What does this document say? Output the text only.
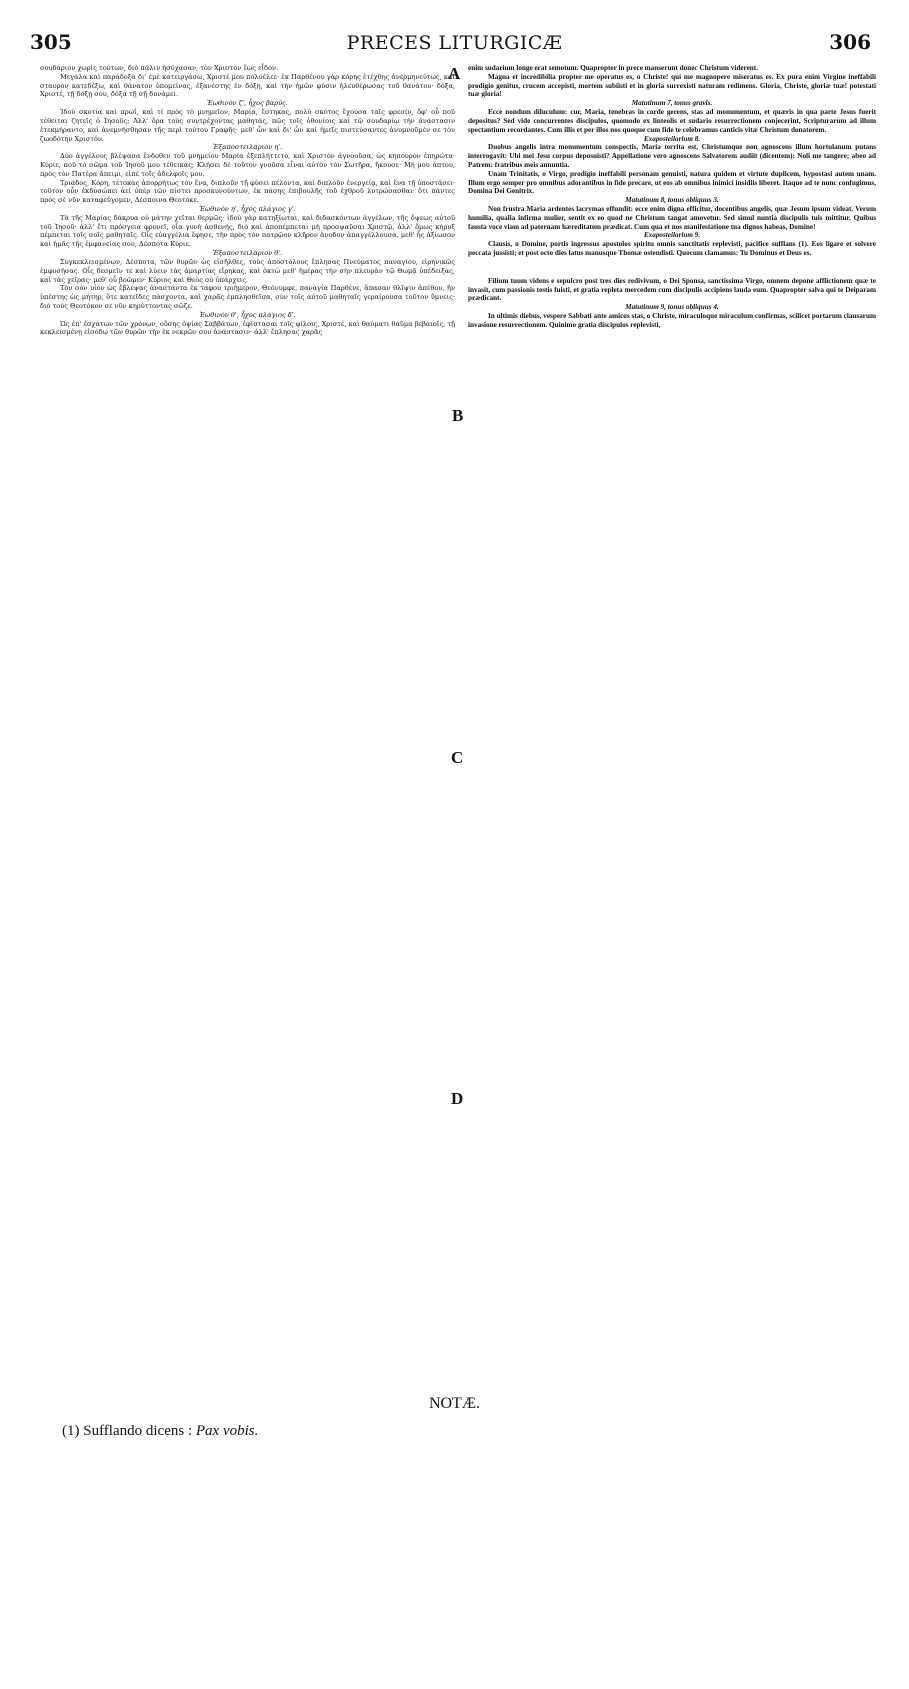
305	PRECES LITURGICÆ	306

σουδάριον χωρὶς τούτων, διὸ πάλιν ἡσύχασαν, τὸν Χριστὸν ἕως εἶδον.

Μεγάλα καὶ παράδοξα δι' ἐμὲ κατειργάσω, Χριστέ μου πολυέλεε· ἐκ Παρθένου γὰρ κόρης ἐτέχθης ἀνερμηνεύτως, καὶ σταυρὸν κατεδέξω, καὶ θάνατον ὑπομείνας, ἐξανέστης ἐν δόξῃ, καὶ τὴν ἡμῶν φύσιν ἠλευθέρωσας τοῦ θανάτου· δόξα, Χριστέ, τῇ δόξῃ σου, δόξα τῇ σῇ δυνάμει.

Ἑωθινὸν ζ', ἦχος βαρύς.

Ἰδοὺ σκοτία καὶ πρωΐ, καὶ τί πρὸς τὸ μνημεῖον, Μαρία, ἕστηκας, πολὺ σκότος ἔχουσα ταῖς φρεσίν, ὅφ' οὗ ποῦ τέθειται ζητεῖς ὁ Ἰησοῦς; Ἀλλ' ὅρα τοὺς συντρέχοντας μαθητάς, πῶς τοῖς ὀθονίοις καὶ τῷ σουδαρίῳ τὴν ἀνάστασιν ἐτεκμήραντο, καὶ ἀνεμνήσθησαν τῆς περὶ τούτου Γραφῆς· μεθ' ὧν καὶ δι' ὧν καὶ ἡμεῖς πιστεύσαντες ἀνυμνοῦμέν σε τὸν ζωοδότην Χριστόν.

Ἐξαποστειλάριον η'.

Δύο ἀγγέλους βλέψασα ἔνδοθεν τοῦ μνημείου Μαρία ἐξεπλήττετο, καὶ Χριστὸν ἀγνοοῦσα, ὡς κηπουρὸν ἐπηρώτα· Κύριε, ποῦ τὸ σῶμα τοῦ Ἰησοῦ μου τέθεικας; Κλήσει δὲ τοῦτον γνοῦσα εἶναι αὐτὸν τὸν Σωτῆρα, ἤκουσε· Μή μου ἅπτου, πρὸς τὸν Πατέρα ἄπειμι, εἰπὲ τοῖς ἀδελφοῖς μου.

Τριάδος, Κόρη, τέτοκας ἀπορρήτως τὸν ἕνα, διπλοῦν τῇ φύσει πέλοντα, καὶ διπλοῦν ἐνεργείᾳ, καὶ ἕνα τῇ ὑποστάσει· τοῦτον οὖν ἐκδυσώπει ἀεὶ ὑπὲρ τῶν πίστει προσκυνούντων, ἐκ πάσης ἐπιβουλῆς τοῦ ἐχθροῦ λυτρώσασθαι· ὅτι πάντες πρὸς σὲ νῦν καταφεύγομεν, Δέσποινα Θεοτόκε.

Ἑωθινὸν η', ἦχος πλάγιος γ'.

Τὰ τῆς Μαρίας δάκρυα οὐ μάτην χεῖται θερμῶς· ἰδοὺ γὰρ κατηξίωται, καὶ διδασκόντων ἀγγέλων, τῆς ὄψεως αὐτοῦ τοῦ Ἰησοῦ· ἀλλ' ἔτι πρόσγεια φρονεῖ, οἷα γυνὴ ἀσθενής, διὸ καὶ ἀποπέμπεται μὴ προσψαῦσαι Χριστῷ, ἀλλ' ὅμως κήρυξ πέμπεται τοῖς σοῖς μαθηταῖς. Οἷς εὐαγγέλια ἔφησε, τὴν πρὸς τὸν πατρῷον κλῆρον ἄνοδον ἀπαγγέλλουσα, μεθ' ἧς ἀξίωσον καὶ ἡμᾶς τῆς ἐμφανείας σου, Δέσποτα Κύριε.

Ἐξαποστειλάριον θ'.

Συγκεκλεισμένων, Δέσποτα, τῶν θυρῶν ὡς εἰσῆλθες, τοὺς ἀποστόλους ἔπλησας Πνεύματος παναγίου, εἰρηνικῶς ἐμφυσήσας. Οἷς δεσμεῖν τε καὶ λύειν τὰς ἁμαρτίας εἴρηκας, καὶ ὀκτὼ μεθ' ἡμέρας τὴν σὴν πλευρὰν τῷ Θωμᾷ ὑπέδειξας, καὶ τὰς χεῖρας· μεθ' οὗ βοῶμεν· Κύριος καὶ Θεὸς σὺ ὑπάρχεις.

Τὸν σὸν υἱὸν ὡς ἔβλεψας ἀναστάντα ἐκ τάφου τριήμερον, Θεόνυμφε, παναγία Παρθένε, ἅπασαν θλῖψιν ἀπέθου, ἣν ὑπέστης ὡς μήτηρ, ὅτε κατεῖδες πάσχοντα, καὶ χαρᾶς ἐμπλησθεῖσα, σὺν τοῖς αὐτοῦ μαθηταῖς γεραίρουσα τοῦτον ὕμνεις· διὸ τοὺς Θεοτόκον σε νῦν κηρύττοντας σῶζε.

Ἑωθινὸν θ', ἦχος πλάγιος δ'.

Ὡς ἐπ' ἐσχάτων τῶν χρόνων, οὔσης ὀψίας Σαββάτων, ἐφίστασαι τοῖς φίλοις, Χριστέ, καὶ θαύματι θαῦμα βεβαιοῖς, τῇ κεκλεισμένῃ εἰσόδῳ τῶν θυρῶν τὴν ἐκ νεκρῶν σου ἀνάστασιν· ἀλλ' ἔπλησας χαρᾶς

enim sudarium longe erat semotum. Quapropter in prece manserunt donec Christum viderent.

Magna et incredibilia propter me operatus es, o Christe! qui me magnopere miseratus es. Ex pura enim Virgine ineffabili prodigio genitus, crucem accepisti, mortem subiisti et in gloria surrexisti naturam redimens. Gloria, Christe, gloriæ tuæ! potestati tuæ gloria!

Matutinum 7, tonus gravis.

Ecce nondum diluculum: cur, Maria, tenebras in corde gerens, stas ad monumentum, et quæris in qua parte Jesus fuerit depositus? Sed vide concurrentes discipulos, quomodo ex linteolis et sudario resurrectionem conjecerint, Scripturarum ad illum spectantium recordantes. Cum illis et per illos nos quoque cum fide te celebramus canticis vitæ Christum donatorem.

Exaposteilarium 8.

Duobus angelis intra monumentum conspectis, Maria territa est, Christumque non agnoscens illum hortulanum putans interrogavit: Ubi mei Jesu corpus deposuisti? Appellatione vero agnoscens Salvatorem audiit (dicentem): Noli me tangere; abeo ad Patrem: fratribus meis annuntia.

Unam Trinitatis, o Virgo, prodigio ineffabili personam genuisti, natura quidem et virtute duplicem, hypostasi autem unam. Illum ergo semper pro omnibus adorantibus in fide precare, ut eos ab omnibus inimici insidiis liberet. Itaque ad te nunc confugimus, Domina Dei Genitrix.

Matutinum 8, tonus obliquus 3.

Non frustra Maria ardentes lacrymas effundit: ecce enim digna efficitur, docentibus angelis, quæ Jesum ipsum videat. Verum humilia, qualia infirma mulier, sentit ex eo quod ne Christum tangat amovetur. Sed simul nuntia discipulis tuis mittitur. Quibus fausta voce viam ad paternam hæreditatem prædicat. Cum qua et nos manifestatione tua dignos habeas, Domine!

Exaposteilarium 9.

Clausis, o Domine, portis ingressus apostolos spiritu omnis sanctitatis replevisti, pacifice sufflans (1). Eos ligare et solvere peccata jussisti; et post octo dies latus manusque Thomæ ostendisti. Quocum clamamus: Tu Dominus et Deus es.

Filium tuum videns e sepulcro post tres dies redivivum, o Dei Sponsa, sanctissima Virgo, omnem depone afflictionem quæ te invasit, cum passionis testis fuisti, et gratia repleta mercedem cum discipulis accipiens lauda eum. Quapropter salva qui te Deiparam prædicant.

Matutinum 9, tonus obliquus 4.

In ultimis diebus, vespere Sabbati ante amicos stas, o Christe, miraculoque miraculum confirmas, scilicet portarum clausarum invasione resurrectionem. Quinimo gratia discipulos replevisti,

A
B
C
D
NOTÆ.
(1) Sufflando dicens : Pax vobis.
